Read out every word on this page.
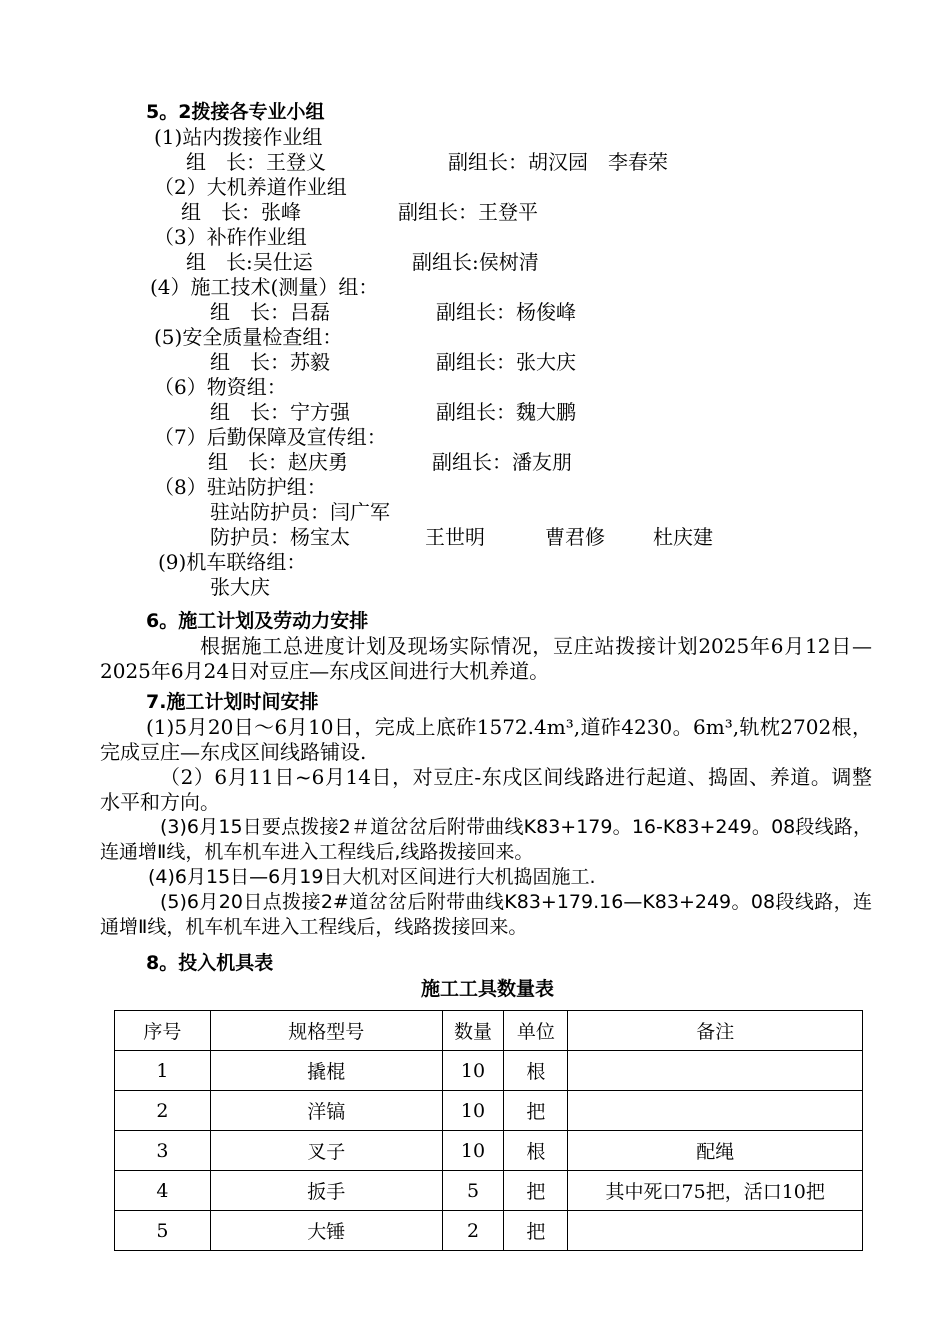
5。2拨接各专业小组
(1)站内拨接作业组
组　长：王登义	副组长：胡汉园　李春荣
（2）大机养道作业组
组　长：张峰	副组长：王登平
（3）补砟作业组
组　长:吴仕运	副组长:侯树清
(4）施工技术(测量）组：
组　长：吕磊	副组长：杨俊峰
(5)安全质量检查组：
组　长：苏毅	副组长：张大庆
（6）物资组：
组　长：宁方强	副组长：魏大鹏
（7）后勤保障及宣传组：
组　长：赵庆勇	副组长：潘友朋
（8）驻站防护组：
驻站防护员：闫广军
防护员：杨宝太	王世明	曹君修 杜庆建
(9)机车联络组：
张大庆
6。施工计划及劳动力安排
根据施工总进度计划及现场实际情况，豆庄站拨接计划2025年6月12日—2025年6月24日对豆庄—东戌区间进行大机养道。
7.施工计划时间安排
(1)5月20日～6月10日，完成上底砟1572.4m³,道砟4230。6m³,轨枕2702根，完成豆庄—东戌区间线路铺设.
（2）6月11日~6月14日，对豆庄-东戌区间线路进行起道、捣固、养道。调整水平和方向。
(3)6月15日要点拨接2＃道岔岔后附带曲线K83+179。16-K83+249。08段线路，连通增Ⅱ线，机车机车进入工程线后,线路拨接回来。
(4)6月15日—6月19日大机对区间进行大机捣固施工.
(5)6月20日点拨接2#道岔岔后附带曲线K83+179.16—K83+249。08段线路，连通增Ⅱ线，机车机车进入工程线后，线路拨接回来。
8。投入机具表
施工工具数量表
序号	规格型号	数量	单位	备注
1	撬棍	10	根	
2	洋镐	10	把	
3	叉子	10	根	配绳
4	扳手	5	把	其中死口75把，活口10把
5	大锤	2	把	
